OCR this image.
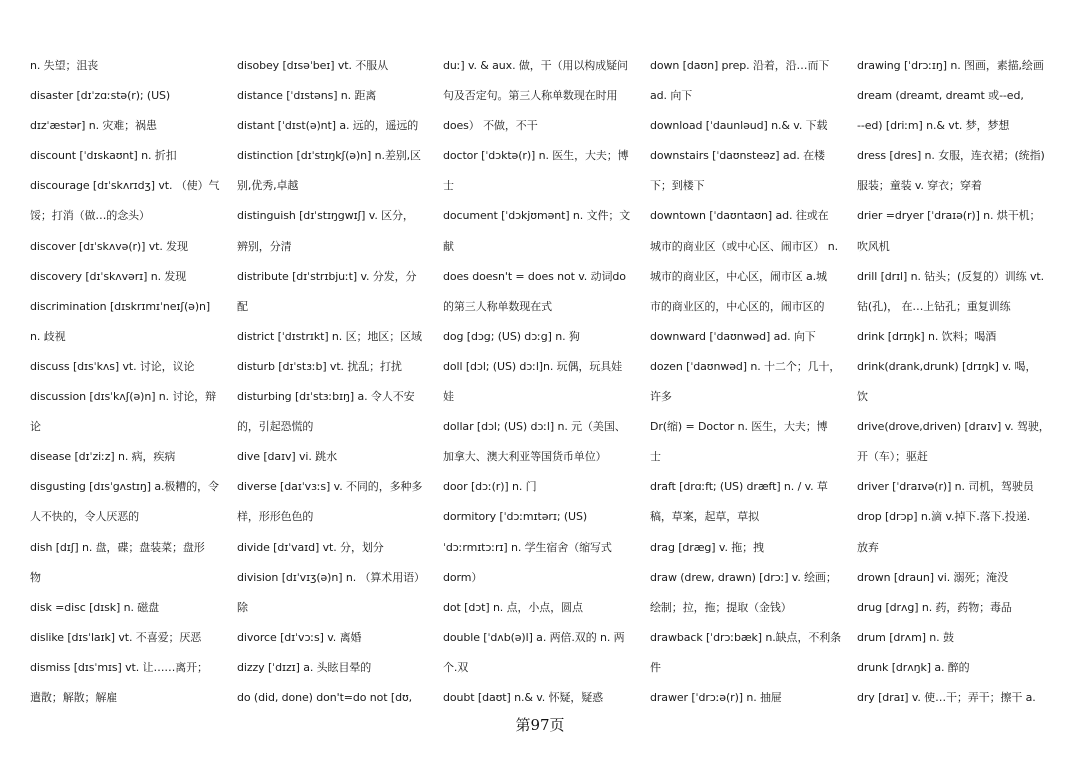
n. 失望；沮丧
disaster [dɪˈzɑːstə(r); (US)
dɪzˈæstər] n. 灾难；祸患
discount [ˈdɪskaʊnt] n. 折扣
discourage [dɪˈskʌrɪdʒ] vt. （使）气
馁；打消（做…的念头）
discover [dɪˈskʌvə(r)] vt. 发现
discovery [dɪˈskʌvərɪ] n. 发现
discrimination [dɪskrɪmɪˈneɪʃ(ə)n]
n. 歧视
discuss [dɪsˈkʌs] vt. 讨论，议论
discussion [dɪsˈkʌʃ(ə)n] n. 讨论，辩
论
disease [dɪˈziːz] n. 病，疾病
disgusting [dɪsˈgʌstɪŋ] a.极糟的，令
人不快的，令人厌恶的
dish [dɪʃ] n. 盘，碟；盘装菜；盘形
物
disk =disc [dɪsk] n. 磁盘
dislike [dɪsˈlaɪk] vt. 不喜爱；厌恶
dismiss [dɪsˈmɪs] vt. 让……离开；
遣散；解散；解雇
disobey [dɪsəˈbeɪ] vt. 不服从
distance [ˈdɪstəns] n. 距离
distant [ˈdɪst(ə)nt] a. 远的，遥远的
distinction [dɪˈstɪŋkʃ(ə)n] n.差别,区
别,优秀,卓越
distinguish [dɪˈstɪŋgwɪʃ] v. 区分，
辨别，分清
distribute [dɪˈstrɪbjuːt] v. 分发，分
配
district [ˈdɪstrɪkt] n. 区；地区；区域
disturb [dɪˈstɜːb] vt. 扰乱；打扰
disturbing [dɪˈstɜːbɪŋ] a. 令人不安
的，引起恐慌的
dive [daɪv] vi. 跳水
diverse [daɪˈvɜːs] v. 不同的，多种多
样，形形色色的
divide [dɪˈvaɪd] vt. 分，划分
division [dɪˈvɪʒ(ə)n] n. （算术用语）
除
divorce [dɪˈvɔːs] v. 离婚
dizzy [ˈdɪzɪ] a. 头眩目晕的
do (did, done) don't=do not [dʊ,
duː] v. & aux. 做，干（用以构成疑问
句及否定句。第三人称单数现在时用
does） 不做，不干
doctor [ˈdɔktə(r)] n. 医生，大夫；博
士
document [ˈdɔkjʊmənt] n. 文件；文
献
does doesn't = does not v. 动词do
的第三人称单数现在式
dog [dɔg; (US) dɔːg] n. 狗
doll [dɔl; (US) dɔːl]n. 玩偶，玩具娃
娃
dollar [dɔl; (US) dɔːl] n. 元（美国、
加拿大、澳大利亚等国货币单位）
door [dɔː(r)] n. 门
dormitory [ˈdɔːmɪtərɪ; (US)
ˈdɔːrmɪtɔːrɪ] n. 学生宿舍（缩写式
dorm）
dot [dɔt] n. 点，小点，圆点
double [ˈdʌb(ə)l] a. 两倍.双的 n. 两
个.双
doubt [daʊt] n.& v. 怀疑，疑惑
down [daʊn] prep. 沿着，沿…而下
ad. 向下
download [ˈdaunləud] n.& v. 下载
downstairs [ˈdaʊnsteəz] ad. 在楼
下；到楼下
downtown [ˈdaʊntaʊn] ad. 往或在
城市的商业区（或中心区、闹市区） n.
城市的商业区，中心区，闹市区 a.城
市的商业区的，中心区的，闹市区的
downward [ˈdaʊnwəd] ad. 向下
dozen [ˈdaʊnwəd] n. 十二个；几十，
许多
Dr(缩) = Doctor n. 医生，大夫；博
士
draft [drɑːft; (US) dræft] n. / v. 草
稿，草案，起草，草拟
drag [dræg] v. 拖；拽
draw (drew, drawn) [drɔː] v. 绘画；
绘制；拉，拖；提取（金钱）
drawback [ˈdrɔːbæk] n.缺点，不利条
件
drawer [ˈdrɔːə(r)] n. 抽屉
drawing [ˈdrɔːɪŋ] n. 图画，素描,绘画
dream (dreamt, dreamt 或--ed,
--ed) [driːm] n.& vt. 梦，梦想
dress [dres] n. 女服，连衣裙；(统指)
服装；童装 v. 穿衣；穿着
drier =dryer [ˈdraɪə(r)] n. 烘干机；
吹风机
drill [drɪl] n. 钻头；(反复的）训练 vt.
钻(孔)， 在…上钻孔；重复训练
drink [drɪŋk] n. 饮料；喝酒
drink(drank,drunk) [drɪŋk] v. 喝，
饮
drive(drove,driven) [draɪv] v. 驾驶，
开（车）；驱赶
driver [ˈdraɪvə(r)] n. 司机，驾驶员
drop [drɔp] n.滴 v.掉下.落下.投递.
放弃
drown [draun] vi. 溺死；淹没
drug [drʌg] n. 药，药物；毒品
drum [drʌm] n. 鼓
drunk [drʌŋk] a. 醉的
dry [draɪ] v. 使…干；弄干；擦干 a.
第97页
